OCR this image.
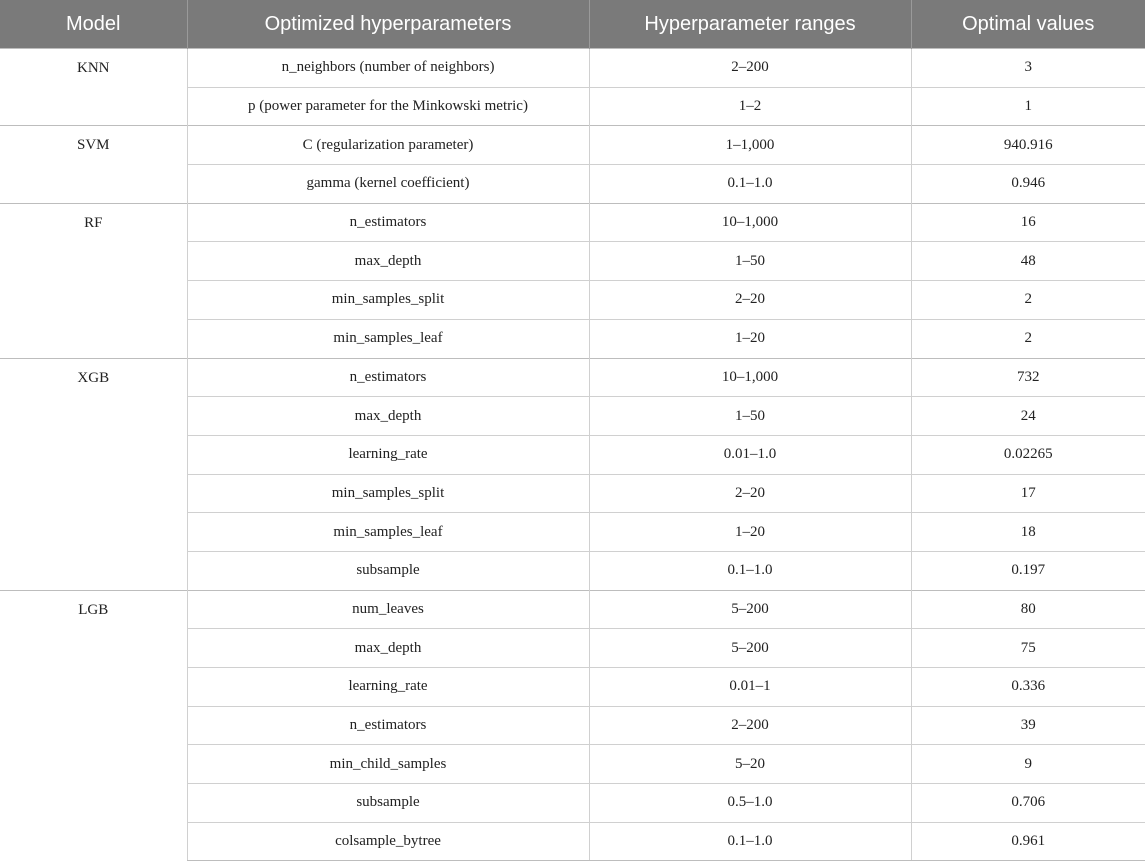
Model	Optimized hyperparameters	Hyperparameter ranges	Optimal values
KNN	n_neighbors (number of neighbors)	2–200	3
	p (power parameter for the Minkowski metric)	1–2	1
SVM	C (regularization parameter)	1–1,000	940.916
	gamma (kernel coefficient)	0.1–1.0	0.946
RF	n_estimators	10–1,000	16
	max_depth	1–50	48
	min_samples_split	2–20	2
	min_samples_leaf	1–20	2
XGB	n_estimators	10–1,000	732
	max_depth	1–50	24
	learning_rate	0.01–1.0	0.02265
	min_samples_split	2–20	17
	min_samples_leaf	1–20	18
	subsample	0.1–1.0	0.197
LGB	num_leaves	5–200	80
	max_depth	5–200	75
	learning_rate	0.01–1	0.336
	n_estimators	2–200	39
	min_child_samples	5–20	9
	subsample	0.5–1.0	0.706
	colsample_bytree	0.1–1.0	0.961
